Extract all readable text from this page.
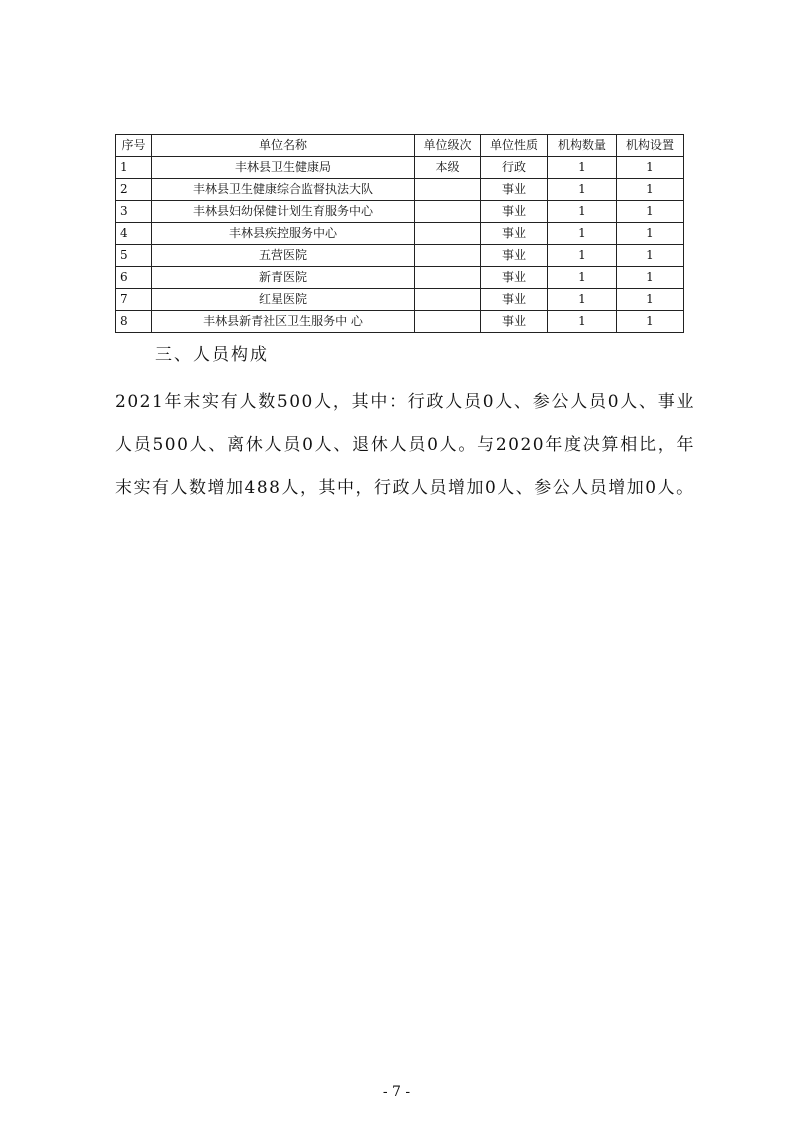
序号	单位名称	单位级次	单位性质	机构数量	机构设置
1	丰林县卫生健康局	本级	行政	1	1
2	丰林县卫生健康综合监督执法大队		事业	1	1
3	丰林县妇幼保健计划生育服务中心		事业	1	1
4	丰林县疾控服务中心		事业	1	1
5	五营医院		事业	1	1
6	新青医院		事业	1	1
7	红星医院		事业	1	1
8	丰林县新青社区卫生服务中 心		事业	1	1
三、人员构成

2021年末实有人数500人，其中：行政人员0人、参公人员0人、事业人员500人、离休人员0人、退休人员0人。与2020年度决算相比，年末实有人数增加488人，其中，行政人员增加0人、参公人员增加0人。

- 7 -
